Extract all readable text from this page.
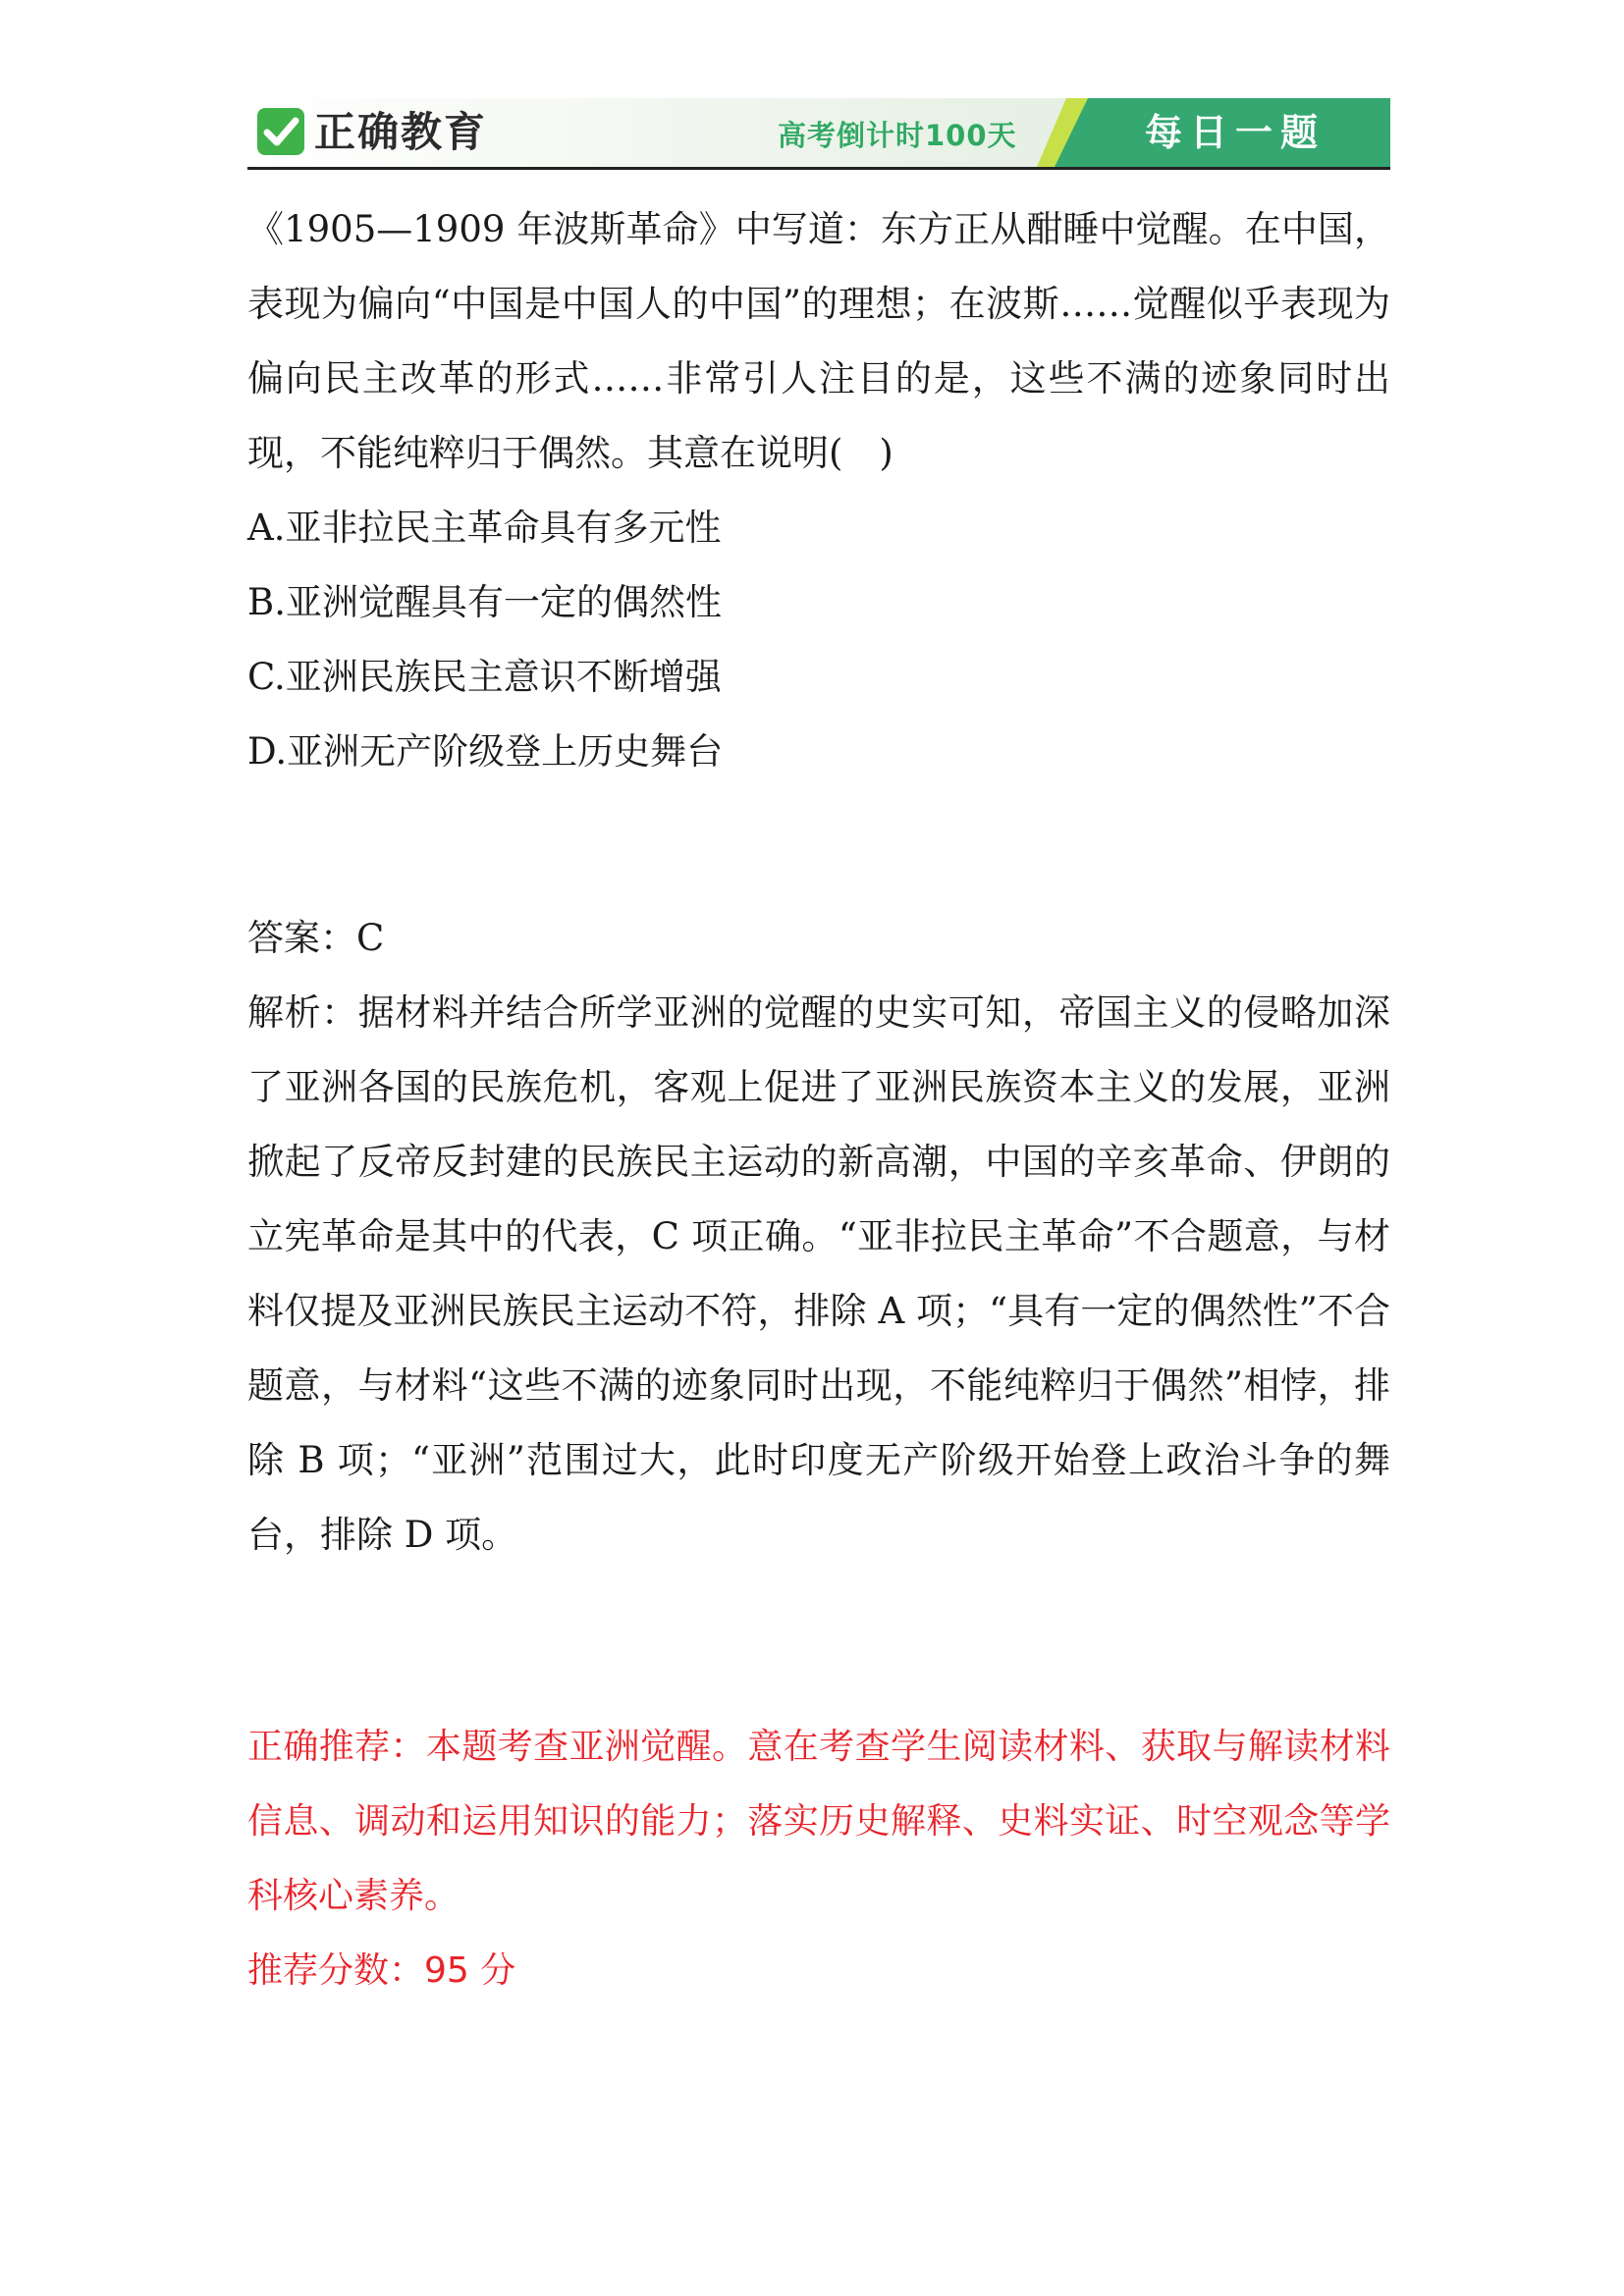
正确教育	高考倒计时100天	每日一题

《1905—1909 年波斯革命》中写道：东方正从酣睡中觉醒。在中国，表现为偏向“中国是中国人的中国”的理想；在波斯……觉醒似乎表现为偏向民主改革的形式……非常引人注目的是，这些不满的迹象同时出现，不能纯粹归于偶然。其意在说明(　)

A.亚非拉民主革命具有多元性

B.亚洲觉醒具有一定的偶然性

C.亚洲民族民主意识不断增强

D.亚洲无产阶级登上历史舞台

答案：C

解析：据材料并结合所学亚洲的觉醒的史实可知，帝国主义的侵略加深了亚洲各国的民族危机，客观上促进了亚洲民族资本主义的发展，亚洲掀起了反帝反封建的民族民主运动的新高潮，中国的辛亥革命、伊朗的立宪革命是其中的代表，C 项正确。“亚非拉民主革命”不合题意，与材料仅提及亚洲民族民主运动不符，排除 A 项；“具有一定的偶然性”不合题意，与材料“这些不满的迹象同时出现，不能纯粹归于偶然”相悖，排除 B 项；“亚洲”范围过大，此时印度无产阶级开始登上政治斗争的舞台，排除 D 项。

正确推荐：本题考查亚洲觉醒。意在考查学生阅读材料、获取与解读材料信息、调动和运用知识的能力；落实历史解释、史料实证、时空观念等学科核心素养。

推荐分数：95 分
